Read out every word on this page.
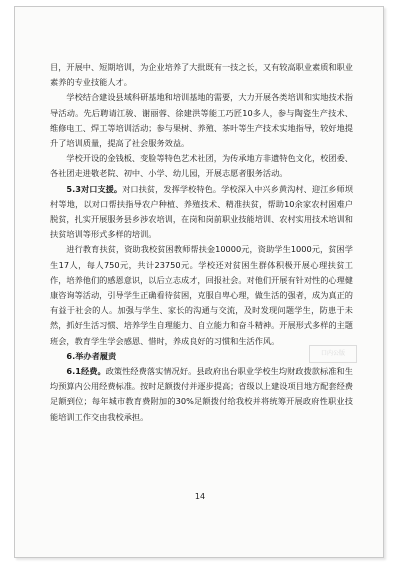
口内公版

目，开展中、短期培训，为企业培养了大批既有一技之长，又有较高职业素质和职业素养的专业技能人才。

学校结合建设县域科研基地和培训基地的需要，大力开展各类培训和实地技术指导活动。先后聘请江骏、谢丽蓉、徐建洪等能工巧匠10多人，参与陶瓷生产技术、维修电工、焊工等培训活动；参与果树、养殖、茶叶等生产技术实地指导，较好地提升了培训质量，提高了社会服务效益。

学校开设的金钱板、变脸等特色艺术社团，为传承地方非遗特色文化，校团委、各社团走进敬老院、初中、小学、幼儿园，开展志愿者服务活动。

5.3对口支援。对口扶贫，发挥学校特色。学校深入中兴乡黄沟村、迎江乡师坝村等地，以对口帮扶指导农户种植、养殖技术、精准扶贫，帮助10余家农村困难户脱贫，扎实开展服务县乡涉农培训，在岗和岗前职业技能培训、农村实用技术培训和扶贫培训等形式多样的培训。

进行教育扶贫，资助我校贫困教师帮扶金10000元，资助学生1000元，贫困学生17人，每人750元，共计23750元。学校还对贫困生群体积极开展心理扶贫工作，培养他们的感恩意识，以后立志成才，回报社会。对他们开展有针对性的心理健康咨询等活动，引导学生正确看待贫困，克服自卑心理，做生活的强者，成为真正的有益于社会的人。加强与学生、家长的沟通与交流，及时发现问题学生，防患于未然，抓好生活习惯、培养学生自理能力、自立能力和奋斗精神。开展形式多样的主题班会，教育学生学会感恩、惜时，养成良好的习惯和生活作风。

6.举办者履责

6.1经费。政策性经费落实情况好。县政府出台职业学校生均财政拨款标准和生均预算内公用经费标准。按时足额拨付并逐步提高；省级以上建设项目地方配套经费足额到位；每年城市教育费附加的30%足额拨付给我校并将统筹开展政府性职业技能培训工作交由我校承担。

14
